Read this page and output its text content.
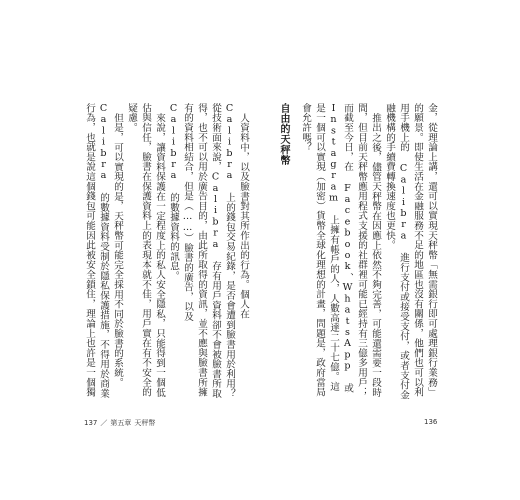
人資料中，以及臉書對其所作出的行為。個人在 Calibra 上的錢包交易紀錄，是否會遭到臉書用於利用？從技術面來說，Calibra 存有用戶資料卻不會被臉書所取得，也不可以用於廣告目的，由此所取得的資訊，並不應與臉書所擁有的資料相結合，但是（……）臉書的廣告，以及 Calibra 的數據資料的訊息。

來說，讓資料保護在一定程度上的私人安全隱私，只能得到一個低估與信任，臉書在保護資料上的表現本就不佳，用戶實在有不安全的疑慮。

但是，可以實現的是，天秤幣可能完全採用不同於臉書的系統。Calibra 的數據資料受制於隱私保護措施，不得用於商業行為，也就是說這個錢包可能因此被安全鎖住，理論上也許是一個獨	金，從理論上講，還可以實現天秤幣「無需銀行即可處理銀行業務」的願景。即使生活在金融服務不足的地區也沒有關係，他們也可以利用手機上的 Calibra 進行支付或接受支付，或者支付金融機構的手續費轉換速度也更快。

推出之後，儘管天秤幣在因應上依然不夠完善，可能還需要一段時間，但目前天秤幣應用程式支援的社群裡可能已經持有三億多用戶；而截至今日，在 Facebook、WhatsApp 或 Instagram 上擁有帳戶的人，人數高達二十七億。這是一個可以實現（加密）貨幣全球化理想的計畫，問題是，政府當局會允許嗎？

自由的天秤幣

137 ／ 第五章 天秤幣	136
